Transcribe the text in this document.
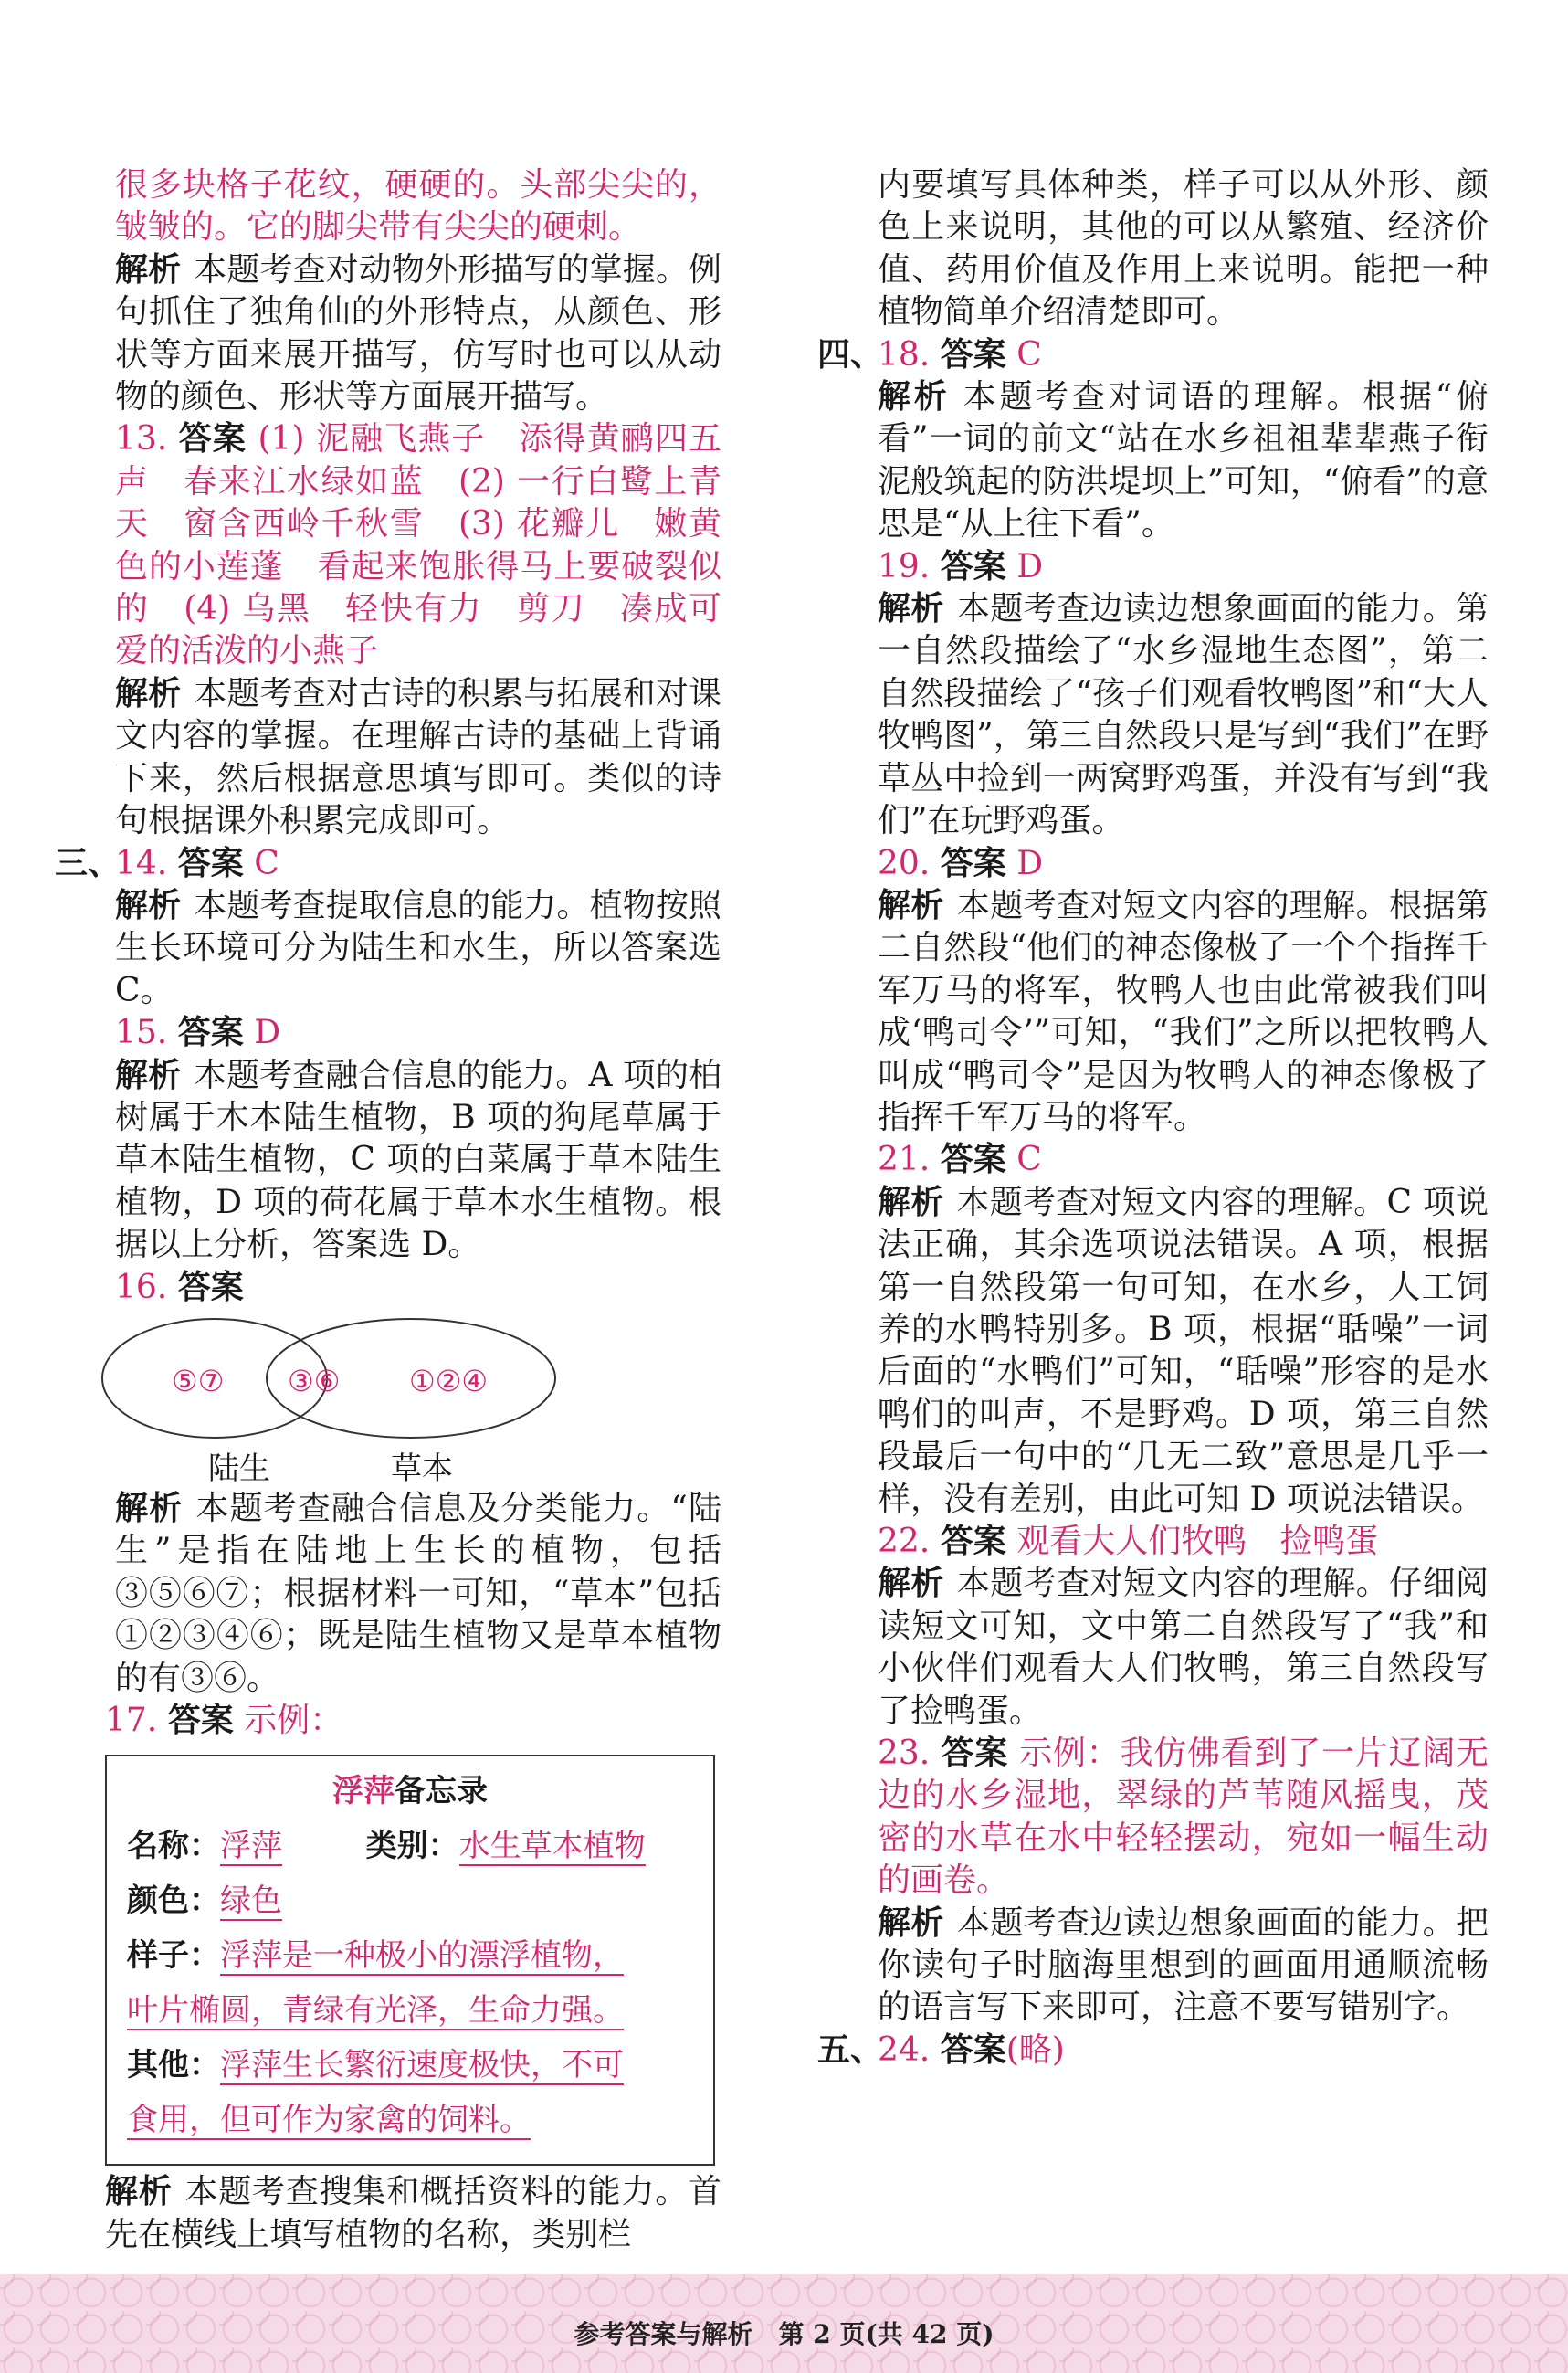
很多块格子花纹，硬硬的。头部尖尖的，皱皱的。它的脚尖带有尖尖的硬刺。

解析 本题考查对动物外形描写的掌握。例句抓住了独角仙的外形特点，从颜色、形状等方面来展开描写，仿写时也可以从动物的颜色、形状等方面展开描写。

13. 答案 (1) 泥融飞燕子　添得黄鹂四五声　春来江水绿如蓝　(2) 一行白鹭上青天　窗含西岭千秋雪　(3) 花瓣儿　嫩黄色的小莲蓬　看起来饱胀得马上要破裂似的　(4) 乌黑　轻快有力　剪刀　凑成可爱的活泼的小燕子

解析 本题考查对古诗的积累与拓展和对课文内容的掌握。在理解古诗的基础上背诵下来，然后根据意思填写即可。类似的诗句根据课外积累完成即可。

三、14. 答案 C

解析 本题考查提取信息的能力。植物按照生长环境可分为陆生和水生，所以答案选 C。

15. 答案 D

解析 本题考查融合信息的能力。A 项的柏树属于木本陆生植物，B 项的狗尾草属于草本陆生植物，C 项的白菜属于草本陆生植物，D 项的荷花属于草本水生植物。根据以上分析，答案选 D。

16. 答案

⑤⑦ ③⑥ ①②④
陆生	草本

解析 本题考查融合信息及分类能力。“陆生”是指在陆地上生长的植物，包括③⑤⑥⑦；根据材料一可知，“草本”包括①②③④⑥；既是陆生植物又是草本植物的有③⑥。

17. 答案 示例：

浮萍备忘录
名称：浮萍	类别：水生草本植物
颜色：绿色
样子：浮萍是一种极小的漂浮植物，
叶片椭圆，青绿有光泽，生命力强。
其他：浮萍生长繁衍速度极快，不可
食用，但可作为家禽的饲料。

解析 本题考查搜集和概括资料的能力。首先在横线上填写植物的名称，类别栏

内要填写具体种类，样子可以从外形、颜色上来说明，其他的可以从繁殖、经济价值、药用价值及作用上来说明。能把一种植物简单介绍清楚即可。

四、18. 答案 C

解析 本题考查对词语的理解。根据“俯看”一词的前文“站在水乡祖祖辈辈燕子衔泥般筑起的防洪堤坝上”可知，“俯看”的意思是“从上往下看”。

19. 答案 D

解析 本题考查边读边想象画面的能力。第一自然段描绘了“水乡湿地生态图”，第二自然段描绘了“孩子们观看牧鸭图”和“大人牧鸭图”，第三自然段只是写到“我们”在野草丛中捡到一两窝野鸡蛋，并没有写到“我们”在玩野鸡蛋。

20. 答案 D

解析 本题考查对短文内容的理解。根据第二自然段“他们的神态像极了一个个指挥千军万马的将军，牧鸭人也由此常被我们叫成‘鸭司令’”可知，“我们”之所以把牧鸭人叫成“鸭司令”是因为牧鸭人的神态像极了指挥千军万马的将军。

21. 答案 C

解析 本题考查对短文内容的理解。C 项说法正确，其余选项说法错误。A 项，根据第一自然段第一句可知，在水乡，人工饲养的水鸭特别多。B 项，根据“聒噪”一词后面的“水鸭们”可知，“聒噪”形容的是水鸭们的叫声，不是野鸡。D 项，第三自然段最后一句中的“几无二致”意思是几乎一样，没有差别，由此可知 D 项说法错误。

22. 答案 观看大人们牧鸭　捡鸭蛋

解析 本题考查对短文内容的理解。仔细阅读短文可知，文中第二自然段写了“我”和小伙伴们观看大人们牧鸭，第三自然段写了捡鸭蛋。

23. 答案 示例：我仿佛看到了一片辽阔无边的水乡湿地，翠绿的芦苇随风摇曳，茂密的水草在水中轻轻摆动，宛如一幅生动的画卷。

解析 本题考查边读边想象画面的能力。把你读句子时脑海里想到的画面用通顺流畅的语言写下来即可，注意不要写错别字。

五、24. 答案(略)

参考答案与解析　第 2 页(共 42 页)
